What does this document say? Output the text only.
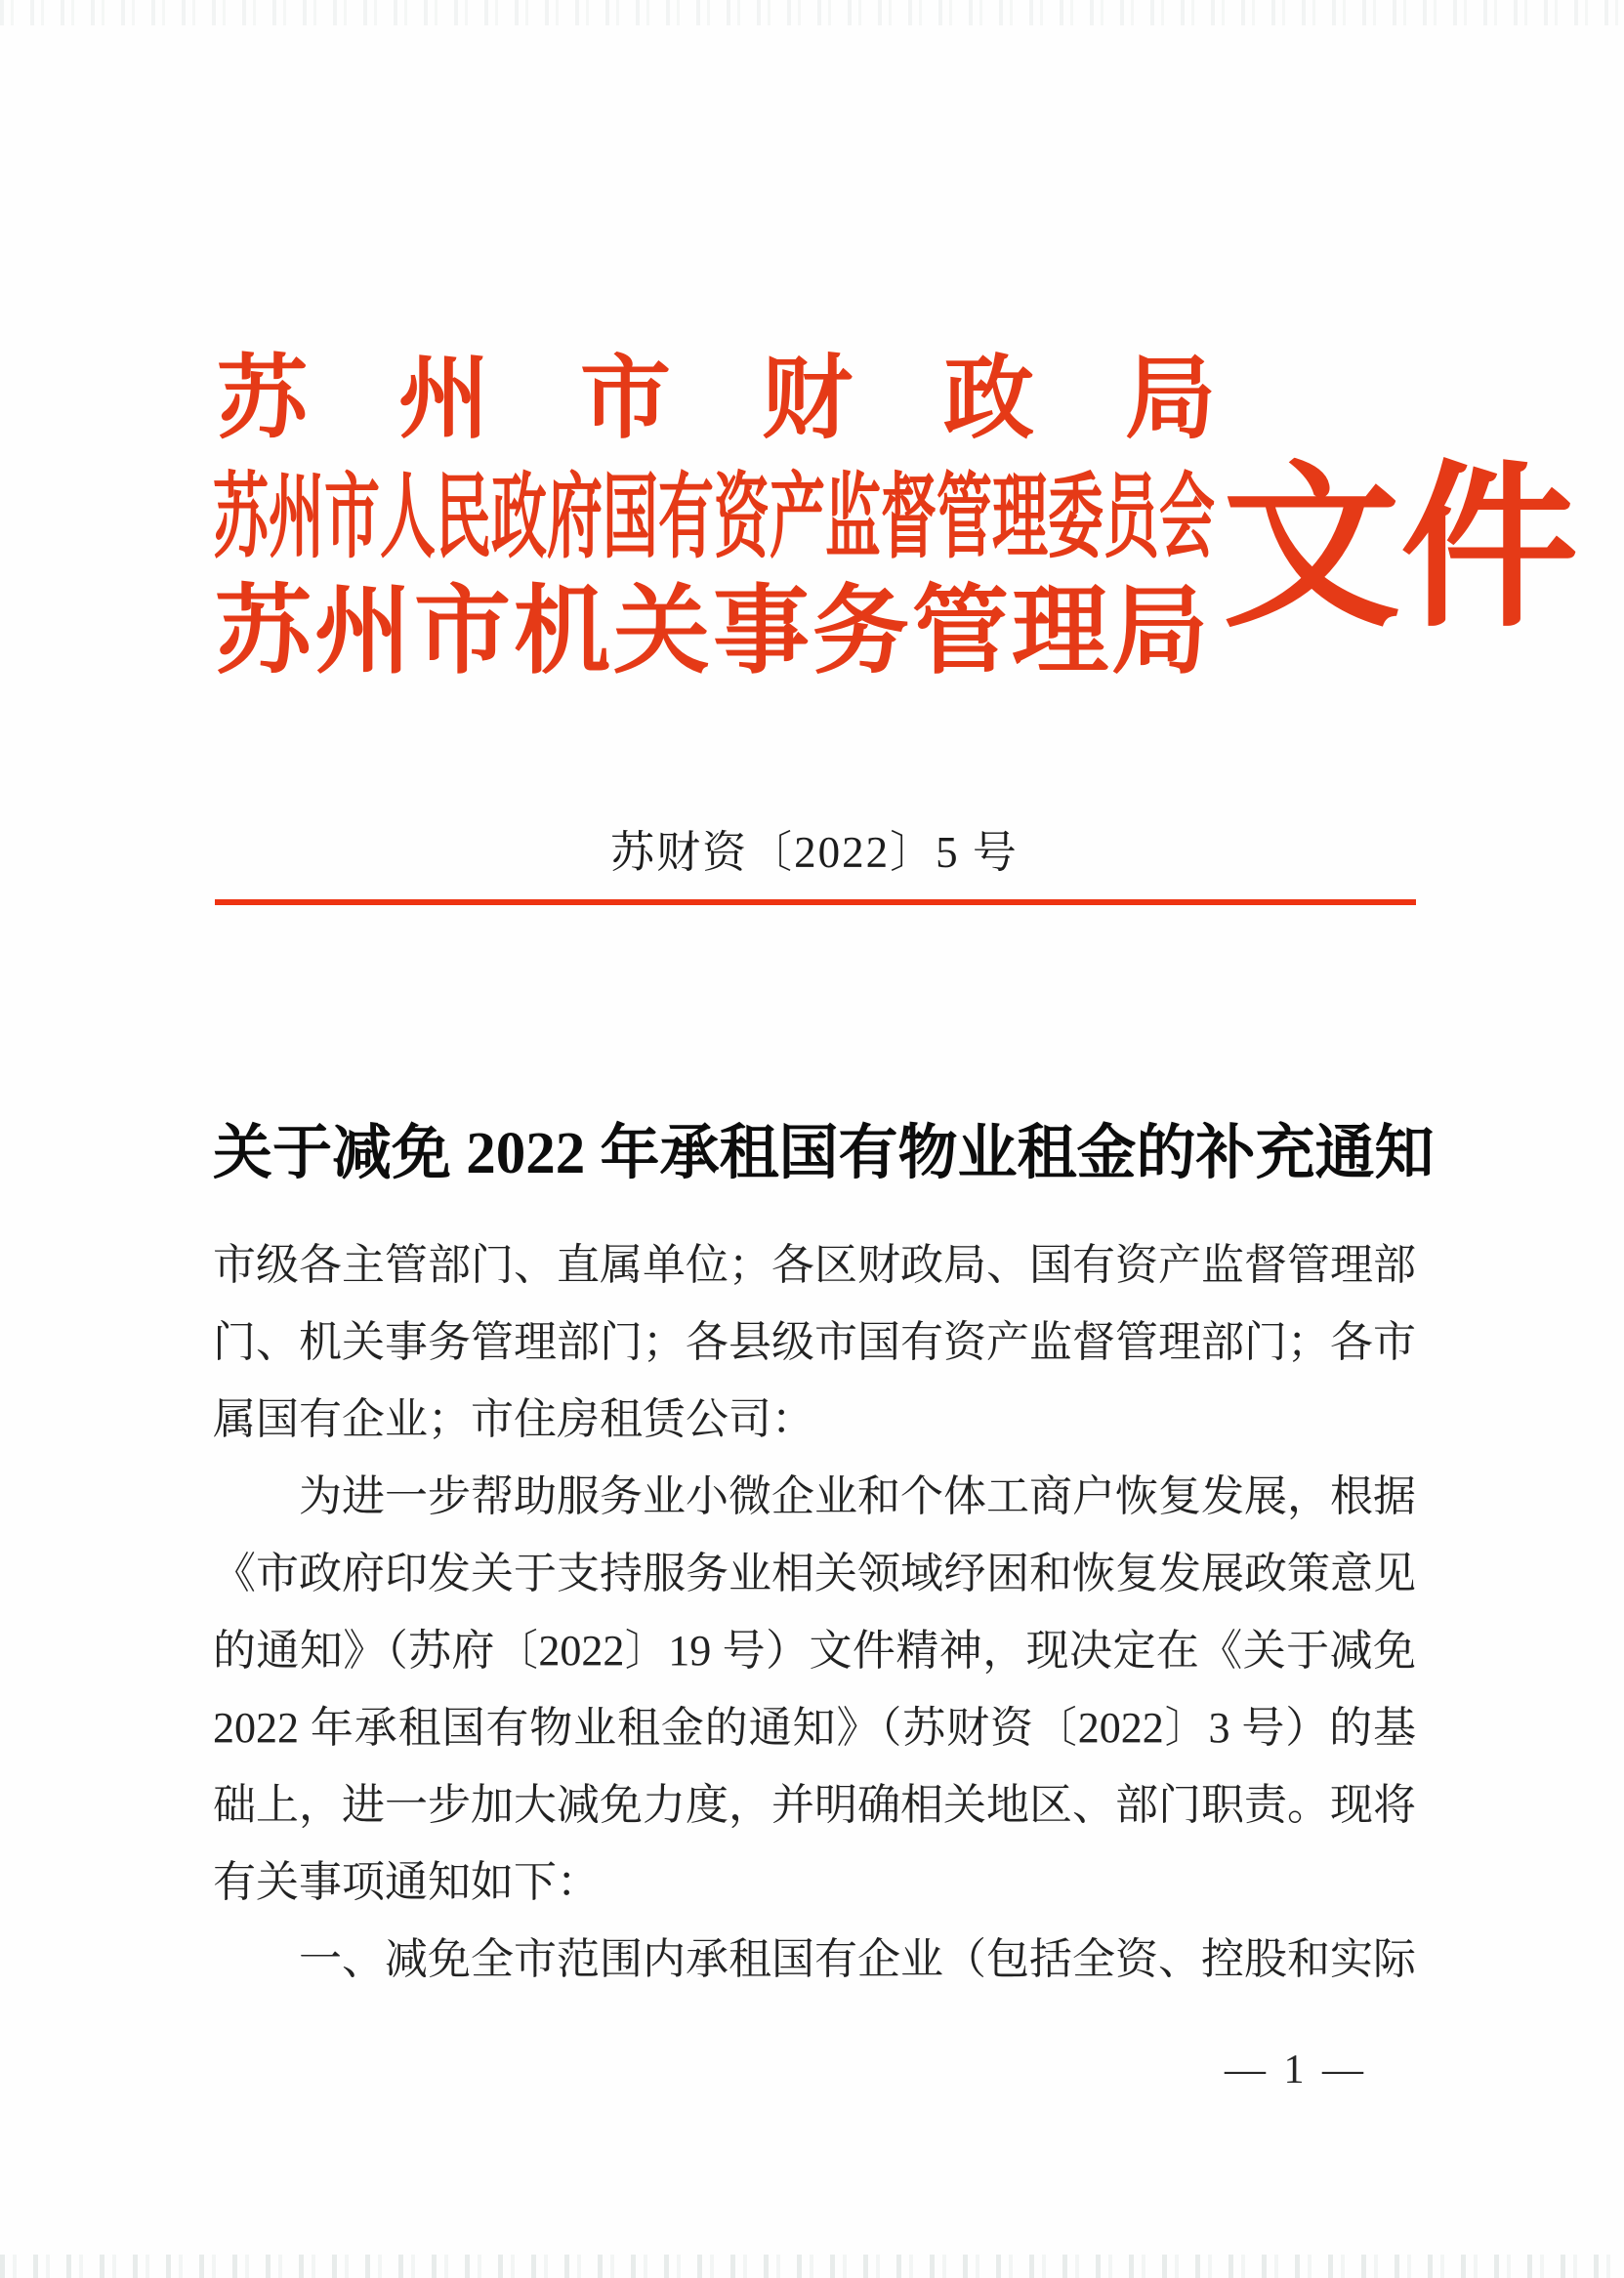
苏　州　市　财　政　局
苏州市人民政府国有资产监督管理委员会
苏州市机关事务管理局 文件
苏财资〔2022〕5 号
关于减免 2022 年承租国有物业租金的补充通知
市级各主管部门、直属单位；各区财政局、国有资产监督管理部
门、机关事务管理部门；各县级市国有资产监督管理部门；各市
属国有企业；市住房租赁公司：
为进一步帮助服务业小微企业和个体工商户恢复发展，根据
《市政府印发关于支持服务业相关领域纾困和恢复发展政策意见
的通知》（苏府〔2022〕19 号）文件精神，现决定在《关于减免
2022 年承租国有物业租金的通知》（苏财资〔2022〕3 号）的基
础上，进一步加大减免力度，并明确相关地区、部门职责。现将
有关事项通知如下：
一、减免全市范围内承租国有企业（包括全资、控股和实际
— 1 —
